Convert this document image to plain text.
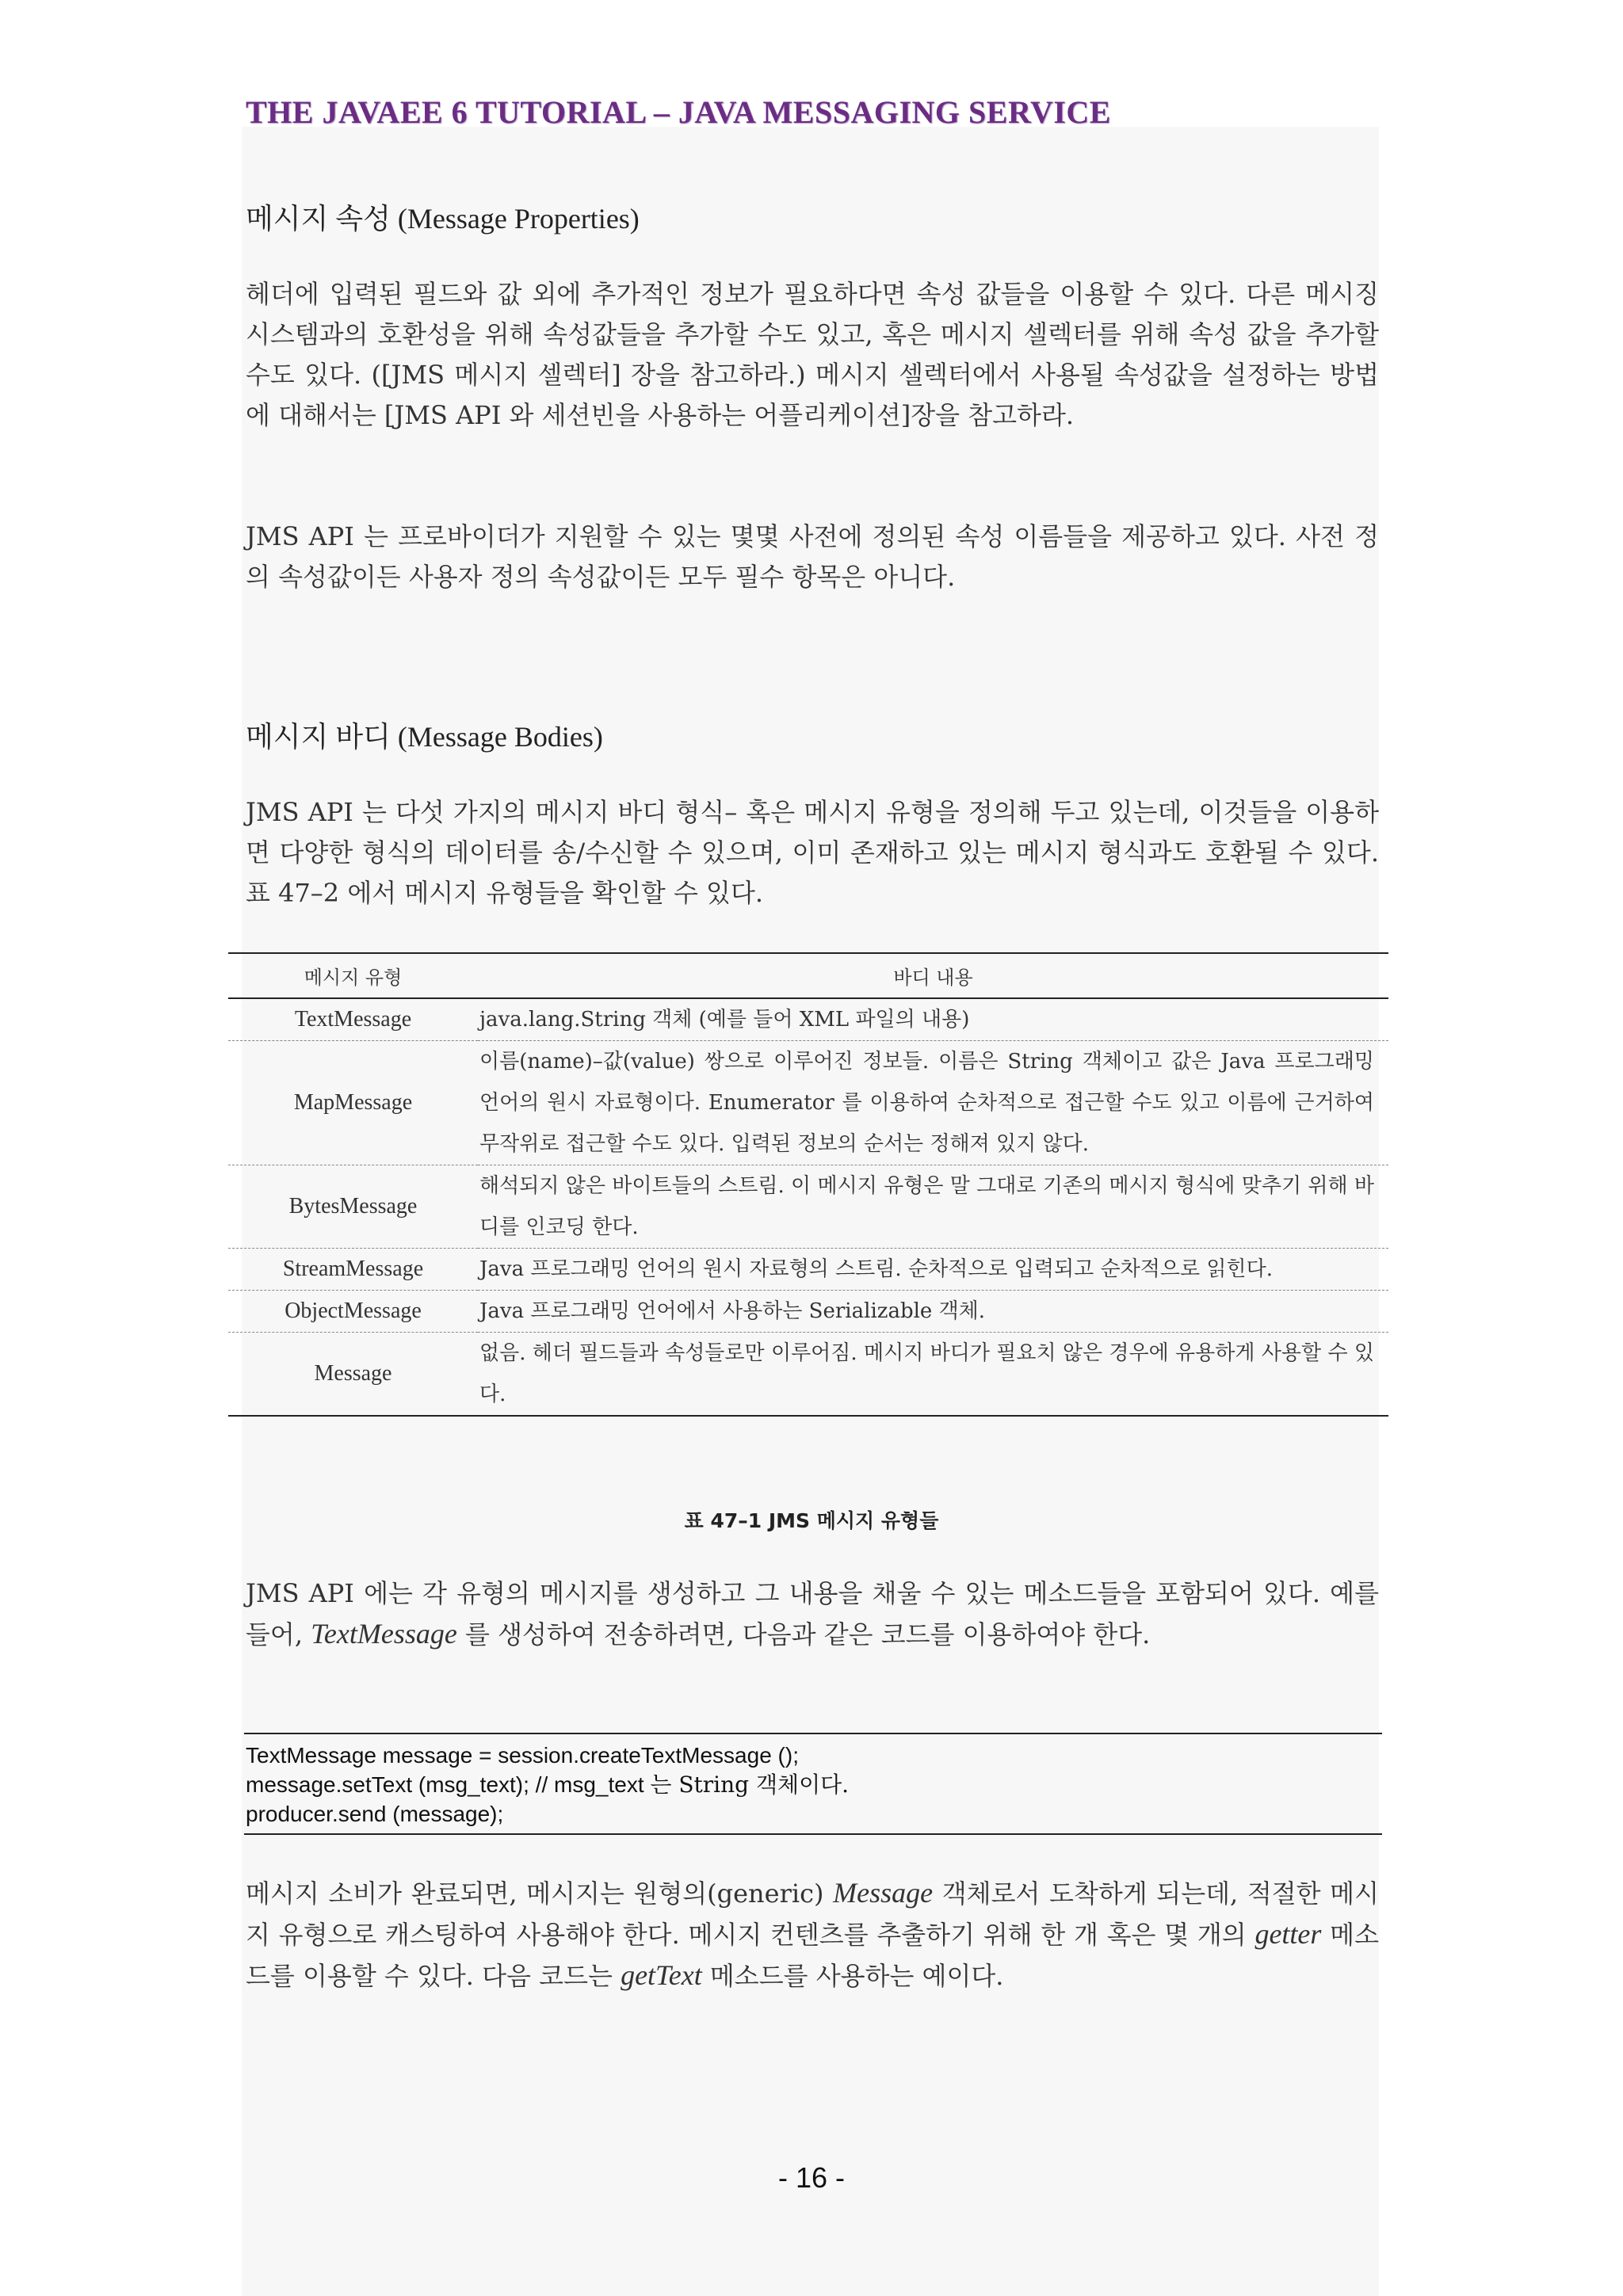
THE JAVAEE 6 TUTORIAL – JAVA MESSAGING SERVICE
메시지 속성 (Message Properties)
헤더에 입력된 필드와 값 외에 추가적인 정보가 필요하다면 속성 값들을 이용할 수 있다. 다른 메시징 시스템과의 호환성을 위해 속성값들을 추가할 수도 있고, 혹은 메시지 셀렉터를 위해 속성 값을 추가할 수도 있다. ([JMS 메시지 셀렉터] 장을 참고하라.) 메시지 셀렉터에서 사용될 속성값을 설정하는 방법에 대해서는 [JMS API 와 세션빈을 사용하는 어플리케이션]장을 참고하라.
JMS API 는 프로바이더가 지원할 수 있는 몇몇 사전에 정의된 속성 이름들을 제공하고 있다. 사전 정의 속성값이든 사용자 정의 속성값이든 모두 필수 항목은 아니다.
메시지 바디 (Message Bodies)
JMS API 는 다섯 가지의 메시지 바디 형식– 혹은 메시지 유형을 정의해 두고 있는데, 이것들을 이용하면 다양한 형식의 데이터를 송/수신할 수 있으며, 이미 존재하고 있는 메시지 형식과도 호환될 수 있다. 표 47–2 에서 메시지 유형들을 확인할 수 있다.
메시지 유형	바디 내용
TextMessage	java.lang.String 객체 (예를 들어 XML 파일의 내용)
MapMessage	이름(name)–값(value) 쌍으로 이루어진 정보들. 이름은 String 객체이고 값은 Java 프로그래밍 언어의 원시 자료형이다. Enumerator 를 이용하여 순차적으로 접근할 수도 있고 이름에 근거하여 무작위로 접근할 수도 있다. 입력된 정보의 순서는 정해져 있지 않다.
BytesMessage	해석되지 않은 바이트들의 스트림. 이 메시지 유형은 말 그대로 기존의 메시지 형식에 맞추기 위해 바디를 인코딩 한다.
StreamMessage	Java 프로그래밍 언어의 원시 자료형의 스트림. 순차적으로 입력되고 순차적으로 읽힌다.
ObjectMessage	Java 프로그래밍 언어에서 사용하는 Serializable 객체.
Message	없음. 헤더 필드들과 속성들로만 이루어짐. 메시지 바디가 필요치 않은 경우에 유용하게 사용할 수 있다.
표 47–1 JMS 메시지 유형들
JMS API 에는 각 유형의 메시지를 생성하고 그 내용을 채울 수 있는 메소드들을 포함되어 있다. 예를 들어, TextMessage 를 생성하여 전송하려면, 다음과 같은 코드를 이용하여야 한다.
TextMessage message = session.createTextMessage ();
message.setText (msg_text); // msg_text 는 String 객체이다.
producer.send (message);
메시지 소비가 완료되면, 메시지는 원형의(generic) Message 객체로서 도착하게 되는데, 적절한 메시지 유형으로 캐스팅하여 사용해야 한다. 메시지 컨텐츠를 추출하기 위해 한 개 혹은 몇 개의 getter 메소드를 이용할 수 있다. 다음 코드는 getText 메소드를 사용하는 예이다.
- 16 -
